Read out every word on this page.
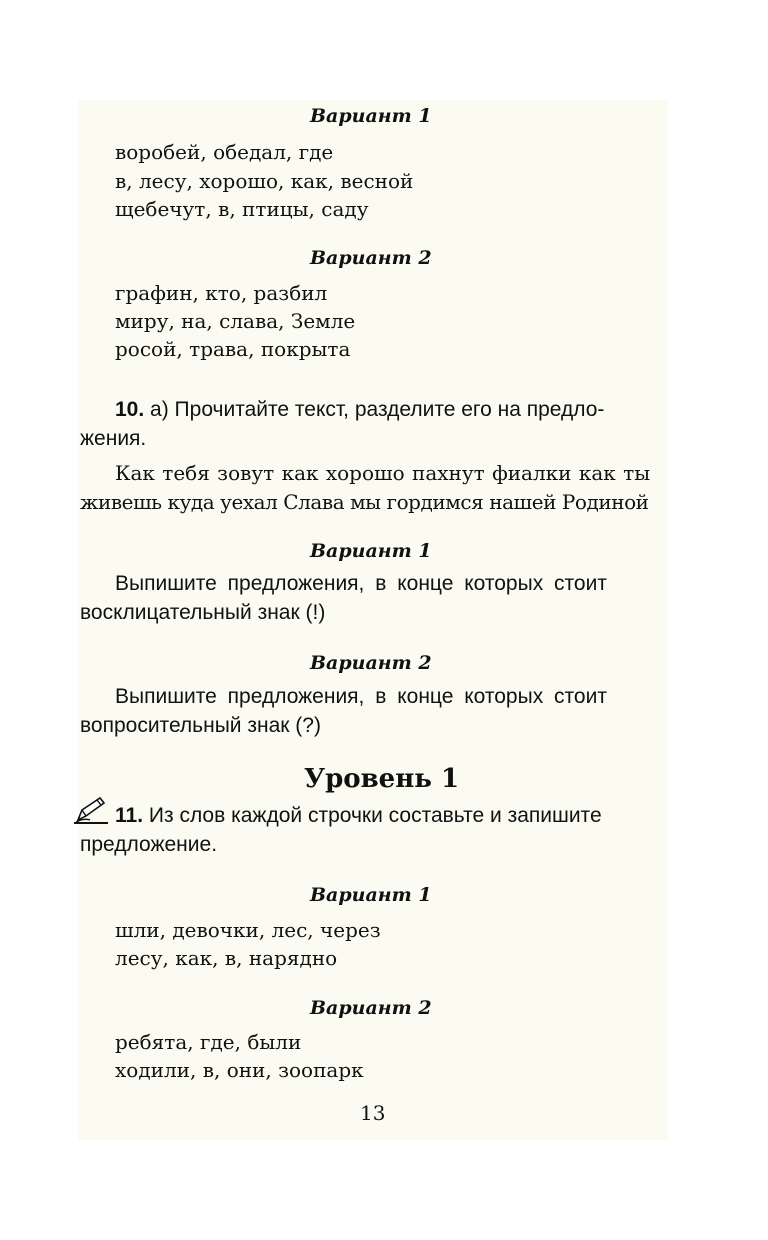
Вариант 1
воробей, обедал, где
в, лесу, хорошо, как, весной
щебечут, в, птицы, саду
Вариант 2
графин, кто, разбил
миру, на, слава, Земле
росой, трава, покрыта
10. а) Прочитайте текст, разделите его на предло-
жения.
Как тебя зовут как хорошо пахнут фиалки как ты
живешь куда уехал Слава мы гордимся нашей Родиной
Вариант 1
Выпишите предложения, в конце которых стоит
восклицательный знак (!)
Вариант 2
Выпишите предложения, в конце которых стоит
вопросительный знак (?)
Уровень 1
11. Из слов каждой строчки составьте и запишите
предложение.
Вариант 1
шли, девочки, лес, через
лесу, как, в, нарядно
Вариант 2
ребята, где, были
ходили, в, они, зоопарк
13
